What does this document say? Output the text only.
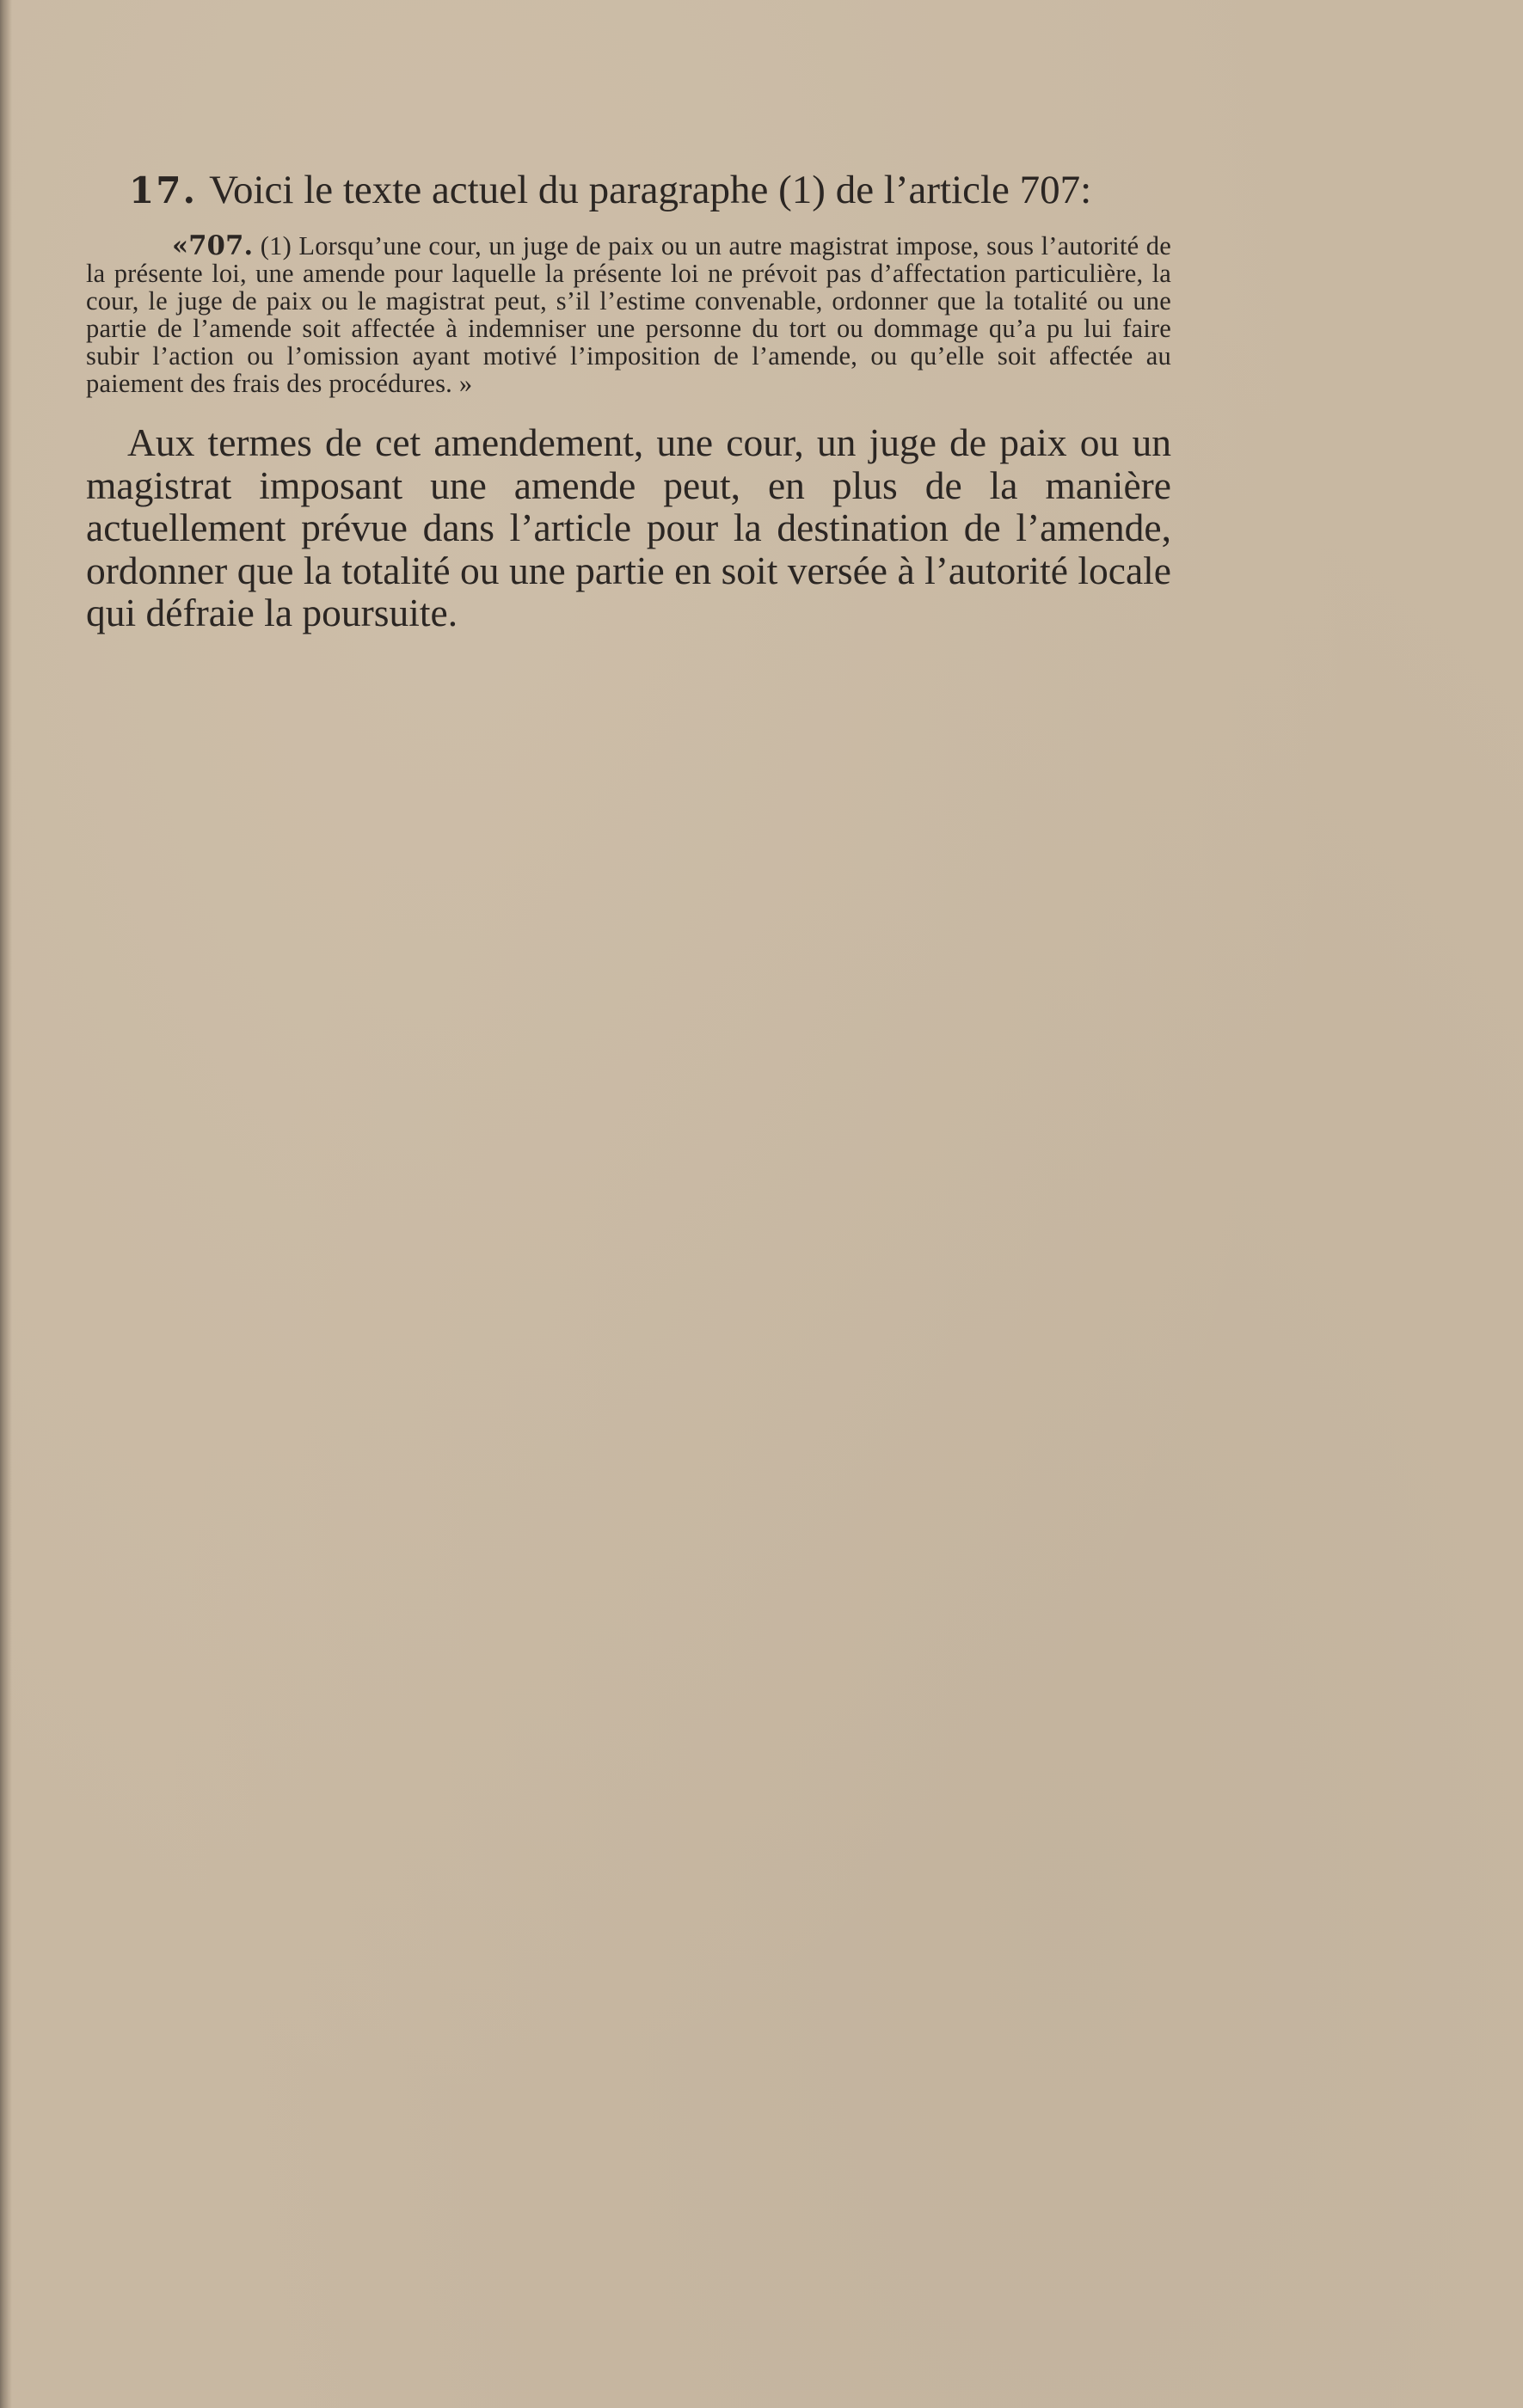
17. Voici le texte actuel du paragraphe (1) de l’article 707:

«707. (1) Lorsqu’une cour, un juge de paix ou un autre magistrat impose, sous l’autorité de la présente loi, une amende pour laquelle la présente loi ne prévoit pas d’affectation particulière, la cour, le juge de paix ou le magistrat peut, s’il l’estime convenable, ordonner que la totalité ou une partie de l’amende soit affectée à indemniser une personne du tort ou dommage qu’a pu lui faire subir l’action ou l’omission ayant motivé l’imposition de l’amende, ou qu’elle soit affectée au paiement des frais des procédures. »

Aux termes de cet amendement, une cour, un juge de paix ou un magistrat imposant une amende peut, en plus de la manière actuellement prévue dans l’article pour la destination de l’amende, ordonner que la totalité ou une partie en soit versée à l’autorité locale qui défraie la poursuite.
